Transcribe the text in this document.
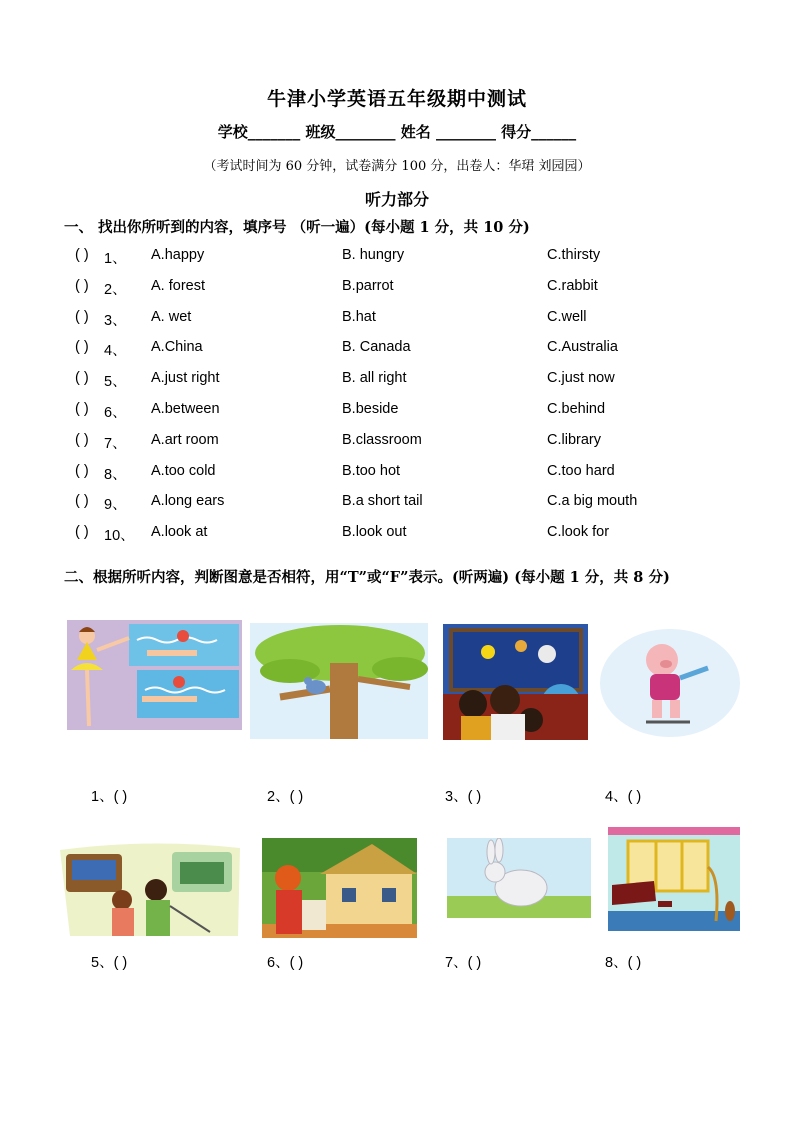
牛津小学英语五年级期中测试
学校_______ 班级________ 姓名 ________ 得分______
（考试时间为 60 分钟，试卷满分 100 分，出卷人：华珺 刘园园）
听力部分
一、 找出你所听到的内容，填序号 （听一遍）(每小题 1 分，共 10 分)
( ) 1、 A.happy	B. hungry	C.thirsty
( ) 2、 A. forest	B.parrot	C.rabbit
( ) 3、 A. wet	B.hat	C.well
( ) 4、 A.China	B. Canada	C.Australia
( ) 5、 A.just right	B. all right	C.just now
( ) 6、 A.between	B.beside	C.behind
( ) 7、 A.art room	B.classroom	C.library
( ) 8、 A.too cold	B.too hot	C.too hard
( ) 9、 A.long ears	B.a short tail	C.a big mouth
( ) 10、 A.look at	B.look out	C.look for
二、根据所听内容，判断图意是否相符，用“T”或“F”表示。(听两遍) (每小题 1 分，共 8 分)
1、( )	2、( )	3、( )	4、( )
5、( )	6、( )	7、( )	8、( )
